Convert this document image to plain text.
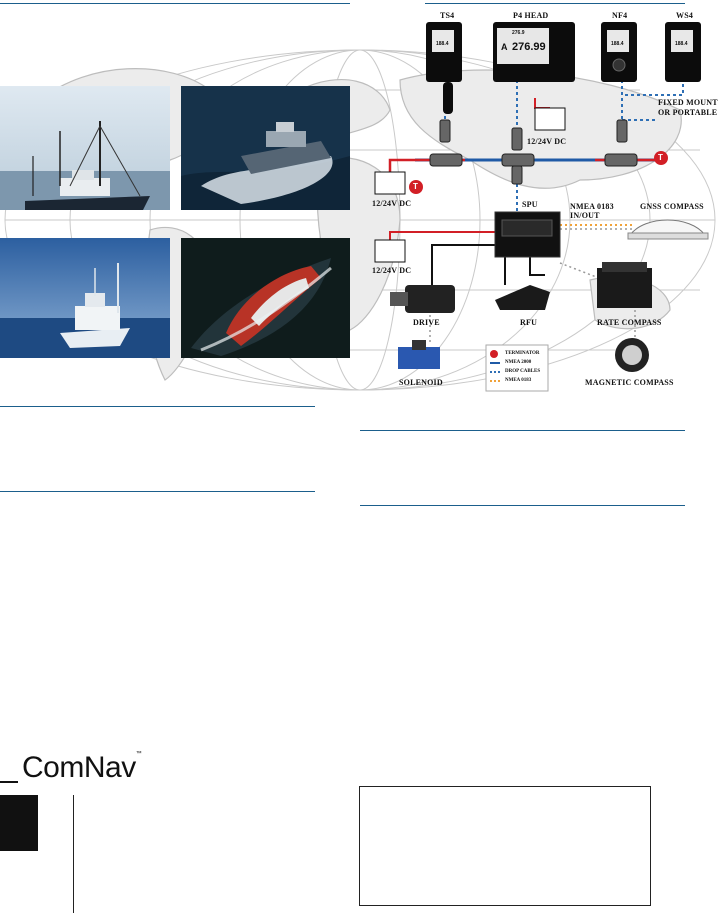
TS4	P4 HEAD	NF4	WS4
188.4
276.9
A 276.99	188.4	188.4
FIXED MOUNT
OR PORTABLE
12/24V DC
12/24V DC
12/24V DC
T
T
SPU	NMEA 0183
IN/OUT
GNSS COMPASS
DRIVE	RFU	RATE COMPASS
SOLENOID	MAGNETIC COMPASS
TERMINATOR
NMEA 2000
DROP CABLES
NMEA 0183
ComNav™
